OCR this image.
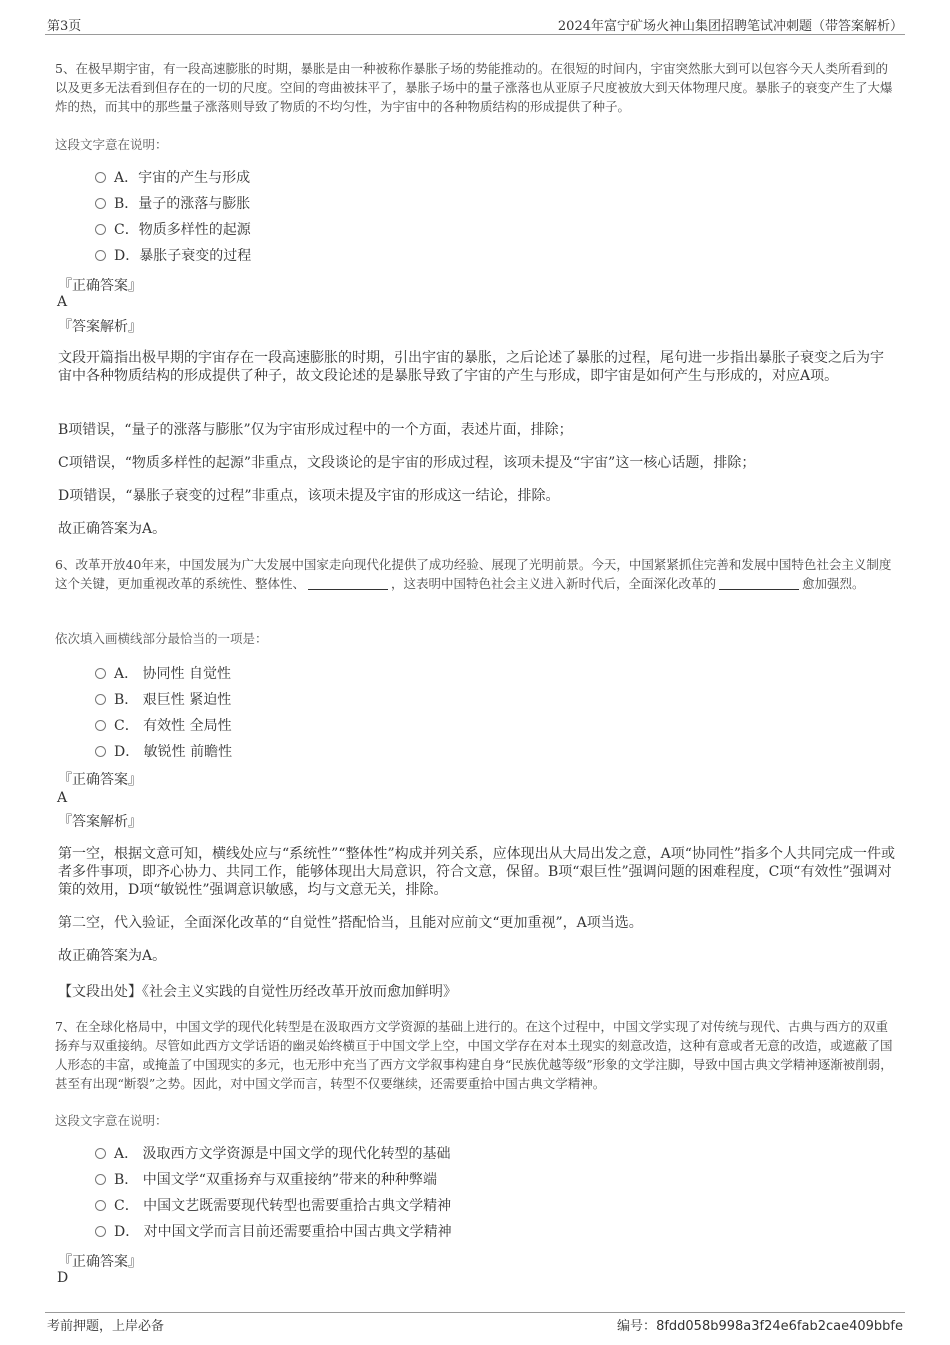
第3页	2024年富宁矿场火神山集团招聘笔试冲刺题（带答案解析）
5、在极早期宇宙，有一段高速膨胀的时期，暴胀是由一种被称作暴胀子场的势能推动的。在很短的时间内，宇宙突然胀大到可以包容今天人类所看到的以及更多无法看到但存在的一切的尺度。空间的弯曲被抹平了，暴胀子场中的量子涨落也从亚原子尺度被放大到天体物理尺度。暴胀子的衰变产生了大爆炸的热，而其中的那些量子涨落则导致了物质的不均匀性，为宇宙中的各种物质结构的形成提供了种子。
这段文字意在说明：
A．宇宙的产生与形成
B．量子的涨落与膨胀
C．物质多样性的起源
D．暴胀子衰变的过程
『正确答案』
A
『答案解析』
文段开篇指出极早期的宇宙存在一段高速膨胀的时期，引出宇宙的暴胀，之后论述了暴胀的过程，尾句进一步指出暴胀子衰变之后为宇宙中各种物质结构的形成提供了种子，故文段论述的是暴胀导致了宇宙的产生与形成，即宇宙是如何产生与形成的，对应A项。
B项错误，“量子的涨落与膨胀”仅为宇宙形成过程中的一个方面，表述片面，排除；
C项错误，“物质多样性的起源”非重点，文段谈论的是宇宙的形成过程，该项未提及“宇宙”这一核心话题，排除；
D项错误，“暴胀子衰变的过程”非重点，该项未提及宇宙的形成这一结论，排除。
故正确答案为A。
6、改革开放40年来，中国发展为广大发展中国家走向现代化提供了成功经验、展现了光明前景。今天，中国紧紧抓住完善和发展中国特色社会主义制度这个关键，更加重视改革的系统性、整体性、	，这表明中国特色社会主义进入新时代后，全面深化改革的	愈加强烈。
依次填入画横线部分最恰当的一项是：
A． 协同性 自觉性
B． 艰巨性 紧迫性
C． 有效性 全局性
D． 敏锐性 前瞻性
『正确答案』
A
『答案解析』
第一空，根据文意可知，横线处应与“系统性”“整体性”构成并列关系，应体现出从大局出发之意，A项“协同性”指多个人共同完成一件或者多件事项，即齐心协力、共同工作，能够体现出大局意识，符合文意，保留。B项“艰巨性”强调问题的困难程度，C项“有效性”强调对策的效用，D项“敏锐性”强调意识敏感，均与文意无关，排除。
第二空，代入验证，全面深化改革的“自觉性”搭配恰当，且能对应前文“更加重视”，A项当选。
故正确答案为A。
【文段出处】《社会主义实践的自觉性历经改革开放而愈加鲜明》
7、在全球化格局中，中国文学的现代化转型是在汲取西方文学资源的基础上进行的。在这个过程中，中国文学实现了对传统与现代、古典与西方的双重扬弃与双重接纳。尽管如此西方文学话语的幽灵始终横亘于中国文学上空，中国文学存在对本土现实的刻意改造，这种有意或者无意的改造，或遮蔽了国人形态的丰富，或掩盖了中国现实的多元，也无形中充当了西方文学叙事构建自身“民族优越等级”形象的文学注脚，导致中国古典文学精神逐渐被削弱，甚至有出现“断裂”之势。因此，对中国文学而言，转型不仅要继续，还需要重拾中国古典文学精神。
这段文字意在说明：
A． 汲取西方文学资源是中国文学的现代化转型的基础
B． 中国文学“双重扬弃与双重接纳”带来的种种弊端
C． 中国文艺既需要现代转型也需要重拾古典文学精神
D． 对中国文学而言目前还需要重拾中国古典文学精神
『正确答案』
D
考前押题，上岸必备	编号：8fdd058b998a3f24e6fab2cae409bbfe
